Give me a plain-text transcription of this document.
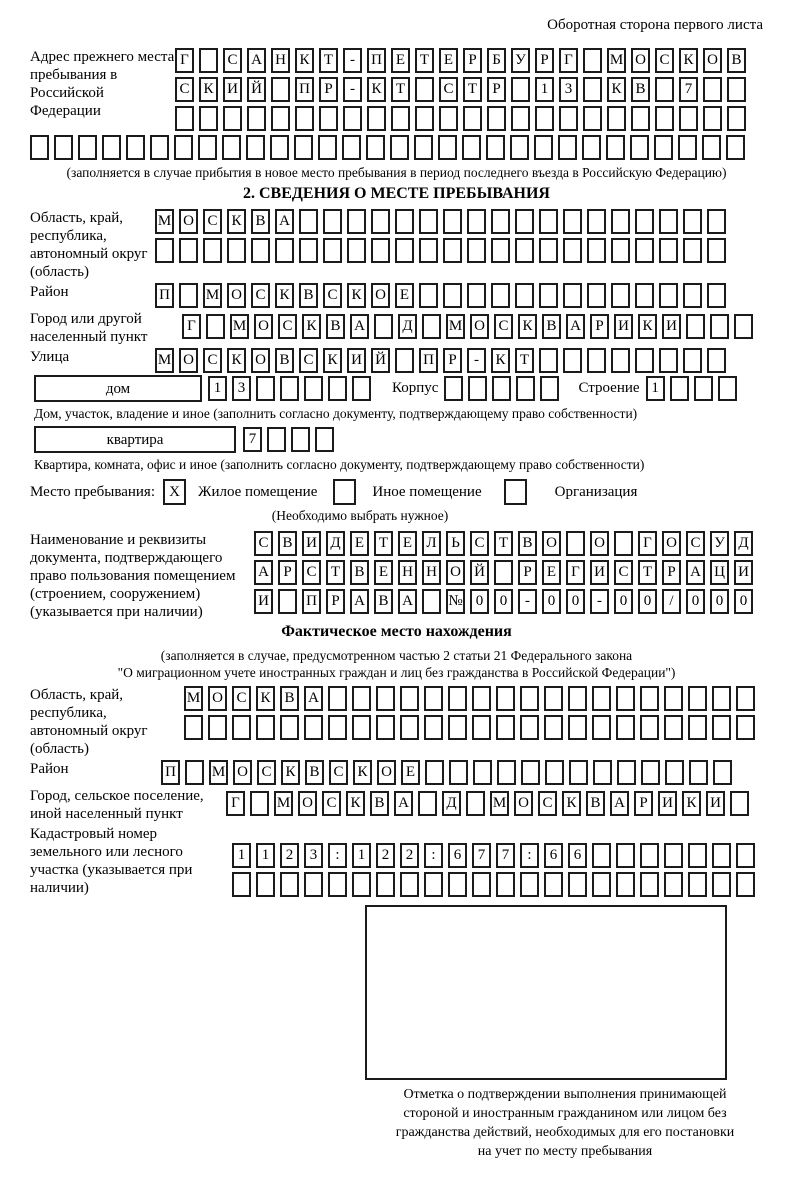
Оборотная сторона первого листа
Адрес прежнего места пребывания в Российской Федерации
Г	С А Н К Т	-	П Е Т Е	Р	Б У Р	Г	М О С К О В
С К И Й П Р	-	К Т	С Т	Р	1	3	К В	7
(заполняется в случае прибытия в новое место пребывания в период последнего въезда в Российскую Федерацию)
2. СВЕДЕНИЯ О МЕСТЕ ПРЕБЫВАНИЯ
Область, край, республика, автономный округ (область)
М О С К В А
Район	П М О С К В С К О Е
Город или другой населенный пункт
Г	М О С К В А Д М О С К В А Р И К И
Улица	М О С К О В С К И Й П Р	-	К Т
дом	1	3	Корпус	Строение 1
Дом, участок, владение и иное (заполнить согласно документу, подтверждающему право собственности)
квартира	7
Квартира, комната, офис и иное (заполнить согласно документу, подтверждающему право собственности)
Место пребывания: X	Жилое помещение	Иное помещение	Организация
(Необходимо выбрать нужное)
Наименование и реквизиты документа, подтверждающего право пользования помещением (строением, сооружением) (указывается при наличии)
С В И Д Е Т Е Л Ь С Т В О О	Г О С У Д
А Р С Т В Е Н Н О Й	Р	Е	Г И С Т	Р А Ц И
И П Р А В А № 0	0	-	0	0	-	0	0	/	0	0	0
Фактическое место нахождения
(заполняется в случае, предусмотренном частью 2 статьи 21 Федерального закона
"О миграционном учете иностранных граждан и лиц без гражданства в Российской Федерации")
Область, край, республика, автономный округ (область)
М О С К В А
Район	П М О С К В С К О Е
Город, сельское поселение, иной населенный пункт
Г	М О С К В А Д М О С К В А Р И К И
Кадастровый номер земельного или лесного участка (указывается при наличии)
1	1	2	3	:	1	2	2	:	6	7	7	:	6	6
Отметка о подтверждении выполнения принимающей
стороной и иностранным гражданином или лицом без
гражданства действий, необходимых для его постановки
на учет по месту пребывания
